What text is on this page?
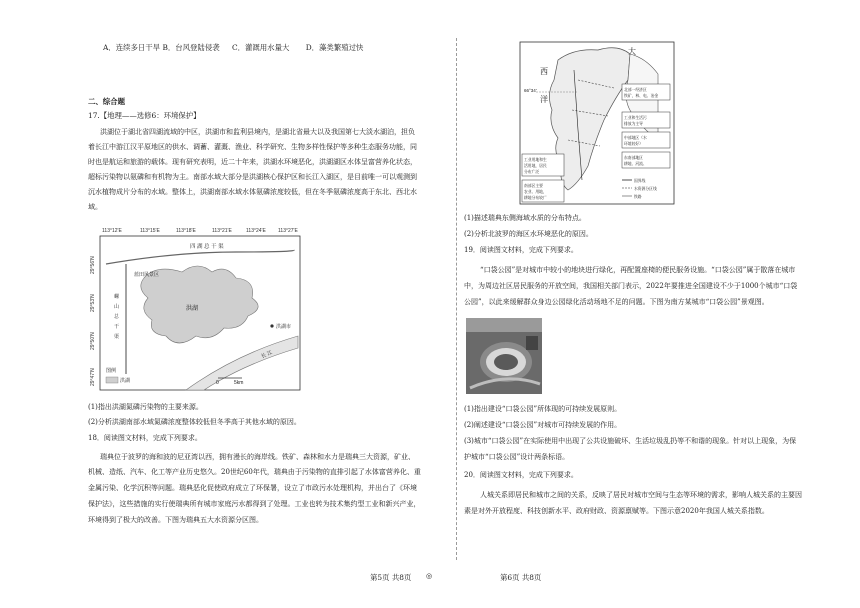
A．连续多日干旱 B．台风登陆侵袭 C．灌溉用水量大 D．藻类繁殖过快
二、综合题
17.【地理——选修6：环境保护】
洪湖位于湖北省四湖流域的中区，洪湖市和监利县境内，是湖北省最大以及我国第七大淡水湖泊，担负
着长江中游江汉平原地区的供水、调蓄、灌溉、渔业、科学研究、生物多样性保护等多种生态服务功能，同
时也是航运和旅游的载体。现有研究表明，近二十年来，洪湖水环境恶化，洪湖湖区水体呈富营养化状态，
超标污染物以氨磷和有机物为主。南部水域大部分是洪湖核心保护区和长江入湖区，是目前唯一可以观测到
沉水植物成片分布的水域。整体上，洪湖南部水域水体氨磷浓度较低，但在冬季氨磷浓度高于东北、西北水
域。
113°12'E	113°15'E	113°18'E	113°21'E	113°24'E 113°27'E
29°56'N
29°53'N
29°50'N
29°47'N
四 湖 总 干 渠
蓝田风景区
螺
山
总
干
渠
洪湖
洪湖市
长 江
图例
洪湖	0	5km
(1)指出洪湖氮磷污染物的主要来源。
(2)分析洪湖南部水域氮磷浓度整体较低但冬季高于其他水域的原因。
18．阅读图文材料，完成下列要求。
瑞典位于波罗的海和波的尼亚湾以西，拥有漫长的海岸线。铁矿、森林和水力是瑞典三大资源，矿业、
机械、造纸、汽车、化工等产业历史悠久。20世纪60年代，瑞典由于污染物的直排引起了水体富营养化、重
金属污染、化学沉积等问题。瑞典恶化促使政府成立了环保署，设立了市政污水处理机构，并出台了《环境
保护法》，这些措施的实行使瑞典所有城市家庭污水都得到了处理。工业也转为技术集约型工业和新兴产业，
环境得到了极大的改善。下图为瑞典五大水资源分区图。
第5页 共8页 ◎
大
西
洋
66°34'	北部一经济区
铁矿，林、电、冶金
工业和生活污
排放为主导
中部地区（水
环境较好）
东南部地区
耕地、河流、
工业用地和生
活用地，居民
分布广泛
南部区主要
农业、用地，
耕地分布较广
国界线
水资源分区线
铁路
(1)描述瑞典东侧海域水质的分布特点。
(2)分析北波罗的海区水环境恶化的原因。
19．阅读图文材料，完成下列要求。
“口袋公园”是对城市中较小的地块进行绿化，再配置座椅的便民服务设施。“口袋公园”属于散落在城市
中，为周边社区居民服务的开放空间，我国相关部门表示，2022年要推进全国建设不少于1000个城市“口袋
公园”，以此来缓解群众身边公园绿化活动场地不足的问题。下图为南方某城市“口袋公园”景观图。
(1)指出建设“口袋公园”所体现的可持续发展原则。
(2)阐述建设“口袋公园”对城市可持续发展的作用。
(3)城市“口袋公园”在实际使用中出现了公共设施破坏、生活垃圾乱扔等不和谐的现象。针对以上现象，为保
护城市“口袋公园”设计两条标语。
20．阅读图文材料，完成下列要求。
人城关系即居民和城市之间的关系，反映了居民对城市空间与生态等环境的需求，影响人城关系的主要因
素是对外开放程度、科技创新水平、政府财政、资源禀赋等。下图示意2020年我国人城关系指数。
第6页 共8页
